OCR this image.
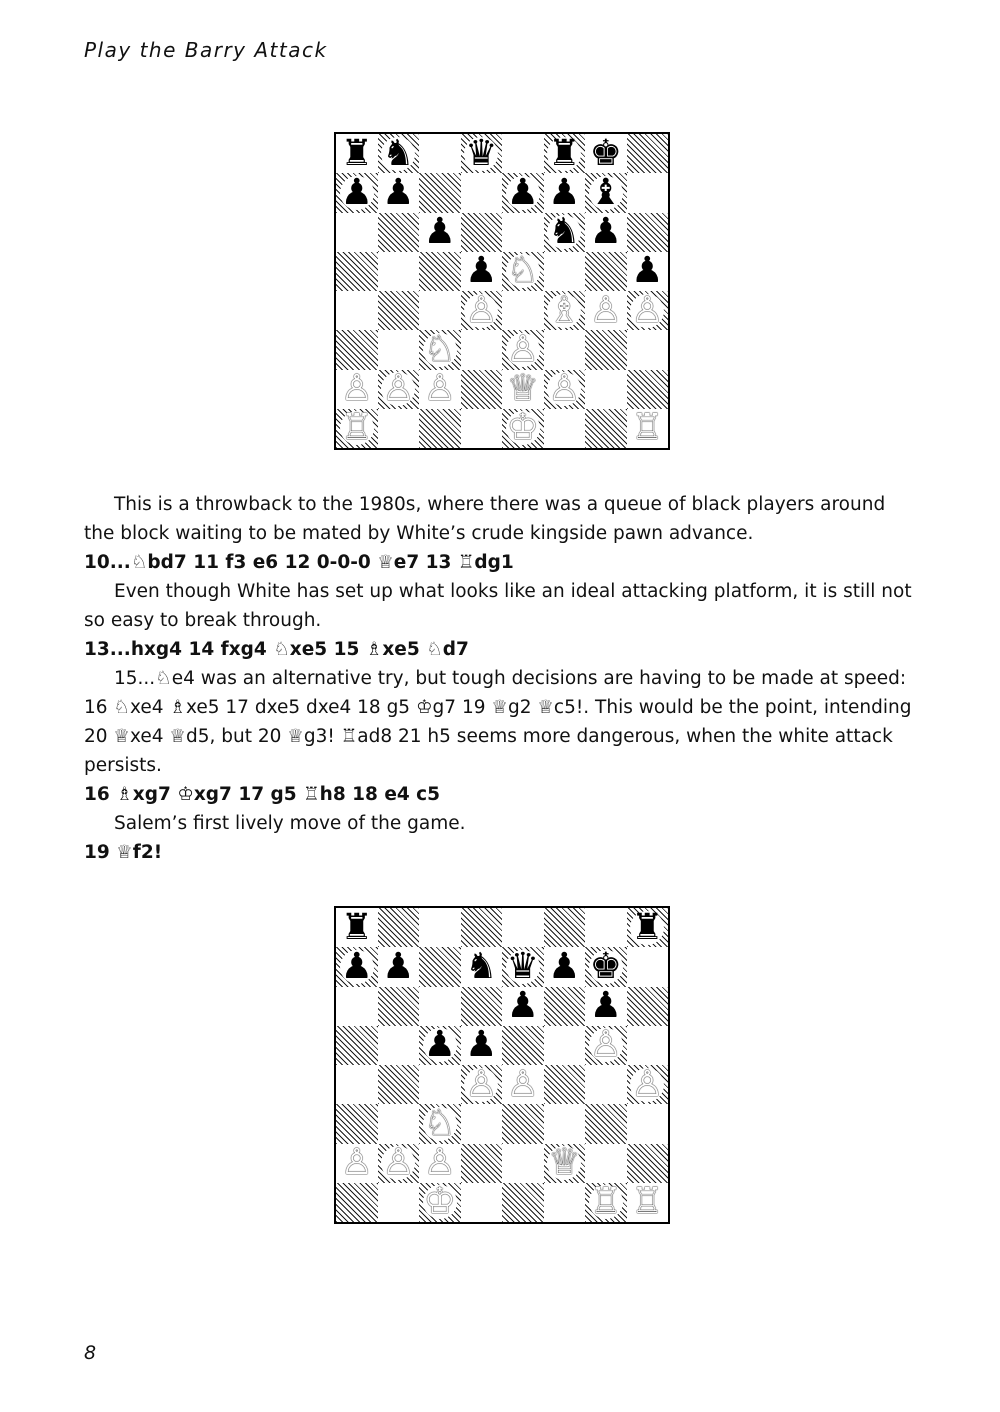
Play the Barry Attack
♜ ♞ ♛ ♜ ♚
♟ ♟	♟ ♟ ♝
♟	♞ ♟
♟ ♘	♟
♙ ♗ ♙ ♙
♘ ♙
♙ ♙ ♙ ♕ ♙
♖	♔	♖

This is a throwback to the 1980s, where there was a queue of black players around the block waiting to be mated by White’s crude kingside pawn advance.

10...♘bd7 11 f3 e6 12 0-0-0 ♕e7 13 ♖dg1

Even though White has set up what looks like an ideal attacking platform, it is still not so easy to break through.

13...hxg4 14 fxg4 ♘xe5 15 ♗xe5 ♘d7

15...♘e4 was an alternative try, but tough decisions are having to be made at speed: 16 ♘xe4 ♗xe5 17 dxe5 dxe4 18 g5 ♔g7 19 ♕g2 ♕c5!. This would be the point, intending 20 ♕xe4 ♕d5, but 20 ♕g3! ♖ad8 21 h5 seems more dangerous, when the white attack persists.

16 ♗xg7 ♔xg7 17 g5 ♖h8 18 e4 c5

Salem’s first lively move of the game.

19 ♕f2!

♜	♜
♟ ♟ ♞ ♛ ♟ ♚
♟ ♟
♟ ♟	♙
♙ ♙	♙
♘
♙ ♙ ♙	♕
♔	♖ ♖
8
